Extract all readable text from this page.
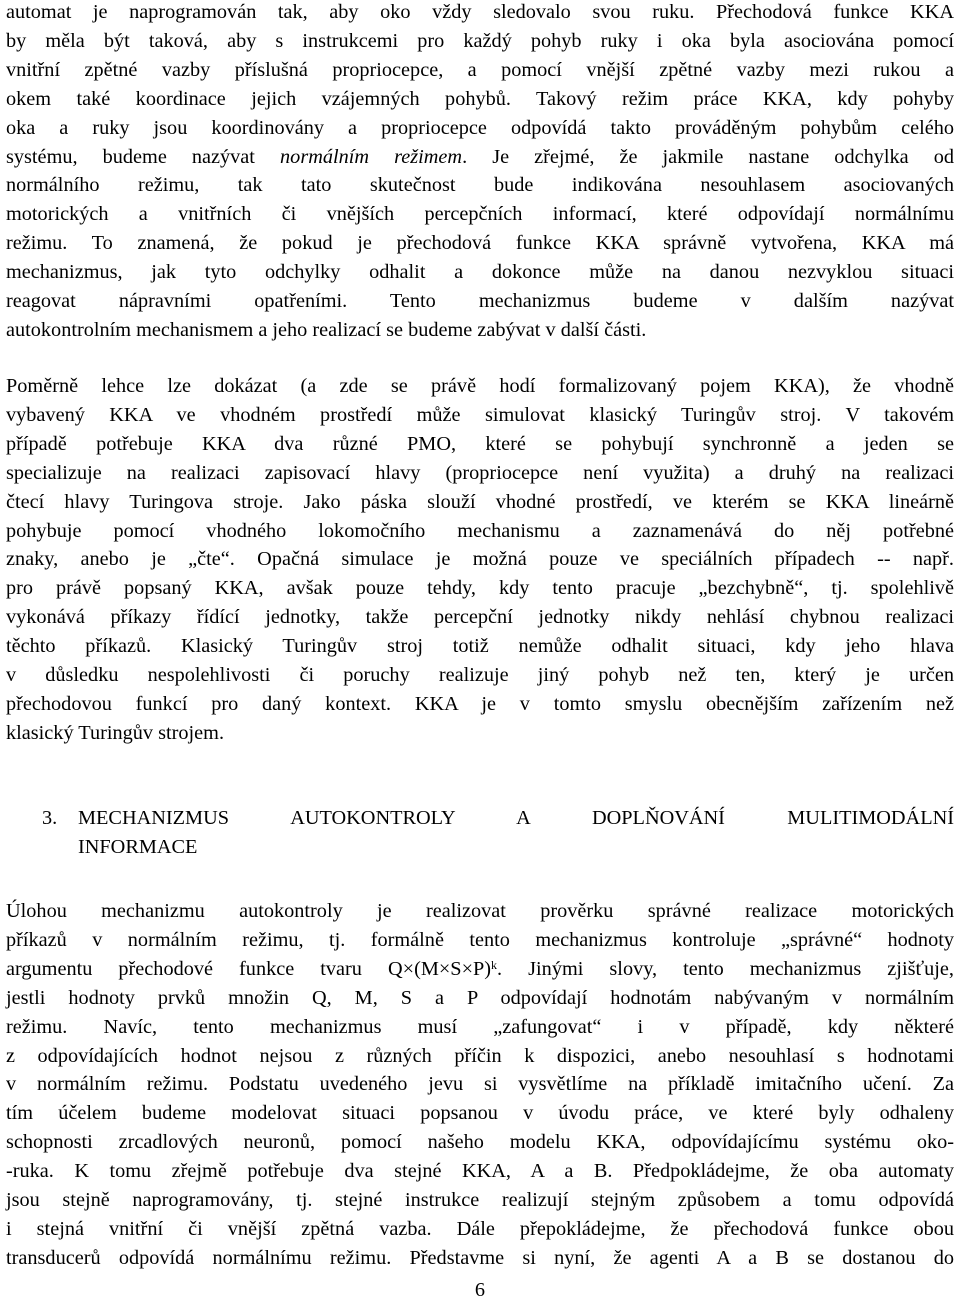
automat je naprogramován tak, aby oko vždy sledovalo svou ruku. Přechodová funkce KKA
by měla být taková, aby s instrukcemi pro každý pohyb ruky i oka byla asociována pomocí
vnitřní zpětné vazby příslušná propriocepce, a pomocí vnější zpětné vazby mezi rukou a
okem také koordinace jejich vzájemných pohybů. Takový režim práce KKA, kdy pohyby
oka a ruky jsou koordinovány a propriocepce odpovídá takto prováděným pohybům celého
systému, budeme nazývat normálním režimem. Je zřejmé, že jakmile nastane odchylka od
normálního režimu, tak tato skutečnost bude indikována nesouhlasem asociovaných
motorických a vnitřních či vnějších percepčních informací, které odpovídají normálnímu
režimu. To znamená, že pokud je přechodová funkce KKA správně vytvořena, KKA má
mechanizmus, jak tyto odchylky odhalit a dokonce může na danou nezvyklou situaci
reagovat nápravními opatřeními. Tento mechanizmus budeme v dalším nazývat
autokontrolním mechanismem a jeho realizací se budeme zabývat v další části.
Poměrně lehce lze dokázat (a zde se právě hodí formalizovaný pojem KKA), že vhodně
vybavený KKA ve vhodném prostředí může simulovat klasický Turingův stroj. V takovém
případě potřebuje KKA dva různé PMO, které se pohybují synchronně a jeden se
specializuje na realizaci zapisovací hlavy (propriocepce není využita) a druhý na realizaci
čtecí hlavy Turingova stroje. Jako páska slouží vhodné prostředí, ve kterém se KKA lineárně
pohybuje pomocí vhodného lokomočního mechanismu a zaznamenává do něj potřebné
znaky, anebo je „čte“. Opačná simulace je možná pouze ve speciálních případech -- např.
pro právě popsaný KKA, avšak pouze tehdy, kdy tento pracuje „bezchybně“, tj. spolehlivě
vykonává příkazy řídící jednotky, takže percepční jednotky nikdy nehlásí chybnou realizaci
těchto příkazů. Klasický Turingův stroj totiž nemůže odhalit situaci, kdy jeho hlava
v důsledku nespolehlivosti či poruchy realizuje jiný pohyb než ten, který je určen
přechodovou funkcí pro daný kontext. KKA je v tomto smyslu obecnějším zařízením než
klasický Turingův strojem.
3. MECHANIZMUS AUTOKONTROLY A DOPLŇOVÁNÍ MULITIMODÁLNÍ
INFORMACE
Úlohou mechanizmu autokontroly je realizovat prověrku správné realizace motorických
příkazů v normálním režimu, tj. formálně tento mechanizmus kontroluje „správné“ hodnoty
argumentu přechodové funkce tvaru $Q\times(M\times S\times P)^k$. Jinými slovy, tento mechanizmus zjišťuje,
jestli hodnoty prvků množin Q, M, S a P odpovídají hodnotám nabývaným v normálním
režimu. Navíc, tento mechanizmus musí „zafungovat“ i v případě, kdy některé
z odpovídajících hodnot nejsou z různých příčin k dispozici, anebo nesouhlasí s hodnotami
v normálním režimu. Podstatu uvedeného jevu si vysvětlíme na příkladě imitačního učení. Za
tím účelem budeme modelovat situaci popsanou v úvodu práce, ve které byly odhaleny
schopnosti zrcadlových neuronů, pomocí našeho modelu KKA, odpovídajícímu systému oko-
-ruka. K tomu zřejmě potřebuje dva stejné KKA, A a B. Předpokládejme, že oba automaty
jsou stejně naprogramovány, tj. stejné instrukce realizují stejným způsobem a tomu odpovídá
i stejná vnitřní či vnější zpětná vazba. Dále přepokládejme, že přechodová funkce obou
transducerů odpovídá normálnímu režimu. Představme si nyní, že agenti A a B se dostanou do
6
